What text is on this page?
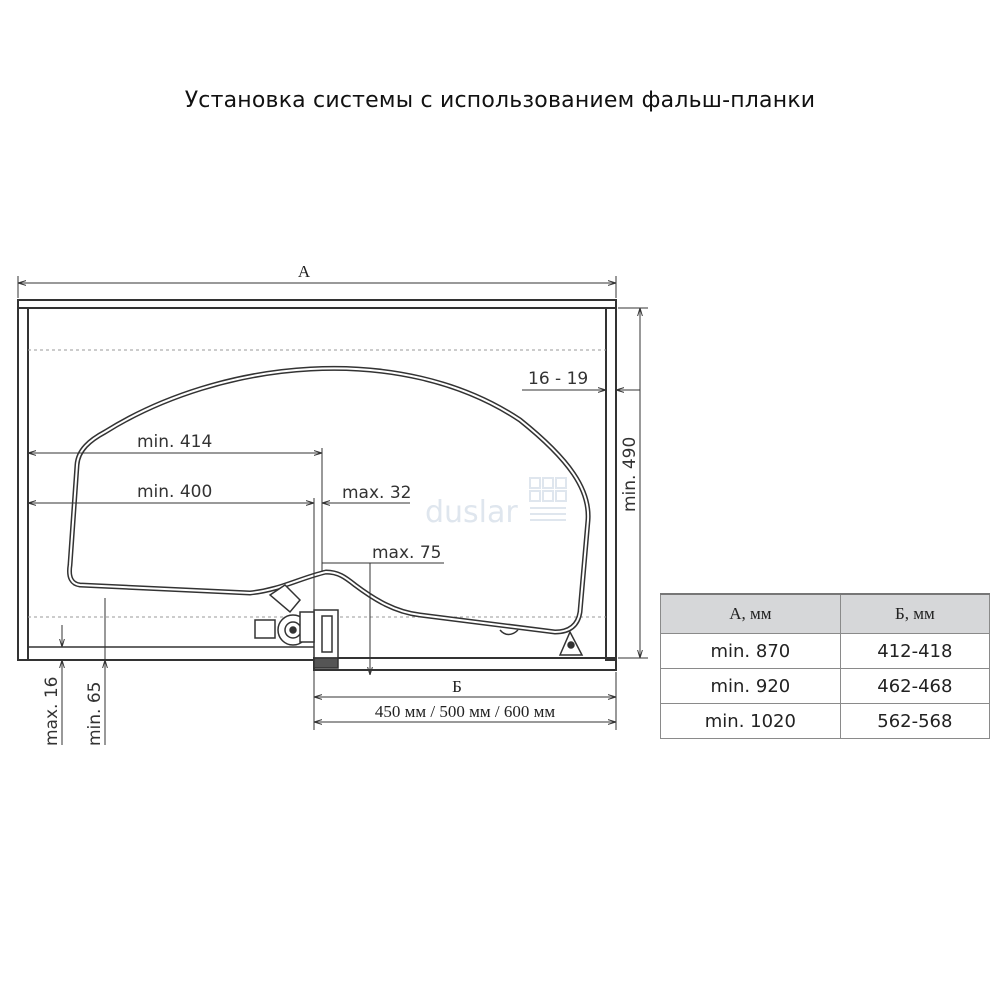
Установка системы с использованием фальш-планки
duslar
А
min. 490
16 - 19
min. 414
min. 400	max. 32
max. 75
Б
450 мм / 500 мм / 600 мм
max. 16 min. 65
А, мм	Б, мм
min. 870	412-418
min. 920	462-468
min. 1020	562-568
